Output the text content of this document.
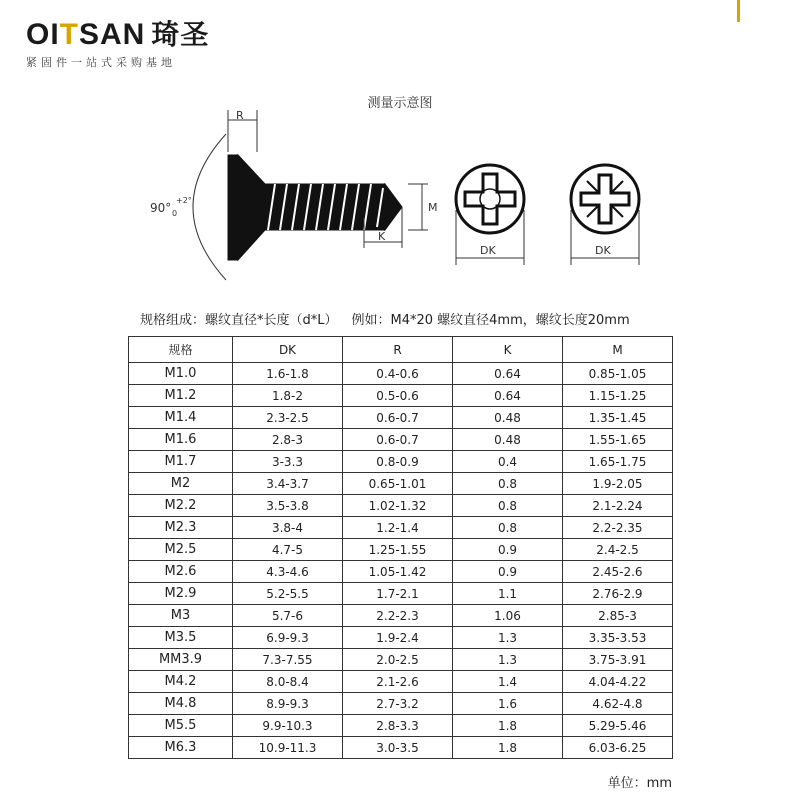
OITSAN 琦圣
紧固件一站式采购基地
测量示意图
R
90°
+2°
0	M
K
DK	DK
规格组成：螺纹直径*长度（d*L） 例如：M4*20 螺纹直径4mm，螺纹长度20mm
规格	DK	R	K	M
M1.0	1.6-1.8	0.4-0.6	0.64	0.85-1.05
M1.2	1.8-2	0.5-0.6	0.64	1.15-1.25
M1.4	2.3-2.5	0.6-0.7	0.48	1.35-1.45
M1.6	2.8-3	0.6-0.7	0.48	1.55-1.65
M1.7	3-3.3	0.8-0.9	0.4	1.65-1.75
M2	3.4-3.7	0.65-1.01	0.8	1.9-2.05
M2.2	3.5-3.8	1.02-1.32	0.8	2.1-2.24
M2.3	3.8-4	1.2-1.4	0.8	2.2-2.35
M2.5	4.7-5	1.25-1.55	0.9	2.4-2.5
M2.6	4.3-4.6	1.05-1.42	0.9	2.45-2.6
M2.9	5.2-5.5	1.7-2.1	1.1	2.76-2.9
M3	5.7-6	2.2-2.3	1.06	2.85-3
M3.5	6.9-9.3	1.9-2.4	1.3	3.35-3.53
MM3.9	7.3-7.55	2.0-2.5	1.3	3.75-3.91
M4.2	8.0-8.4	2.1-2.6	1.4	4.04-4.22
M4.8	8.9-9.3	2.7-3.2	1.6	4.62-4.8
M5.5	9.9-10.3	2.8-3.3	1.8	5.29-5.46
M6.3	10.9-11.3	3.0-3.5	1.8	6.03-6.25
单位：mm
